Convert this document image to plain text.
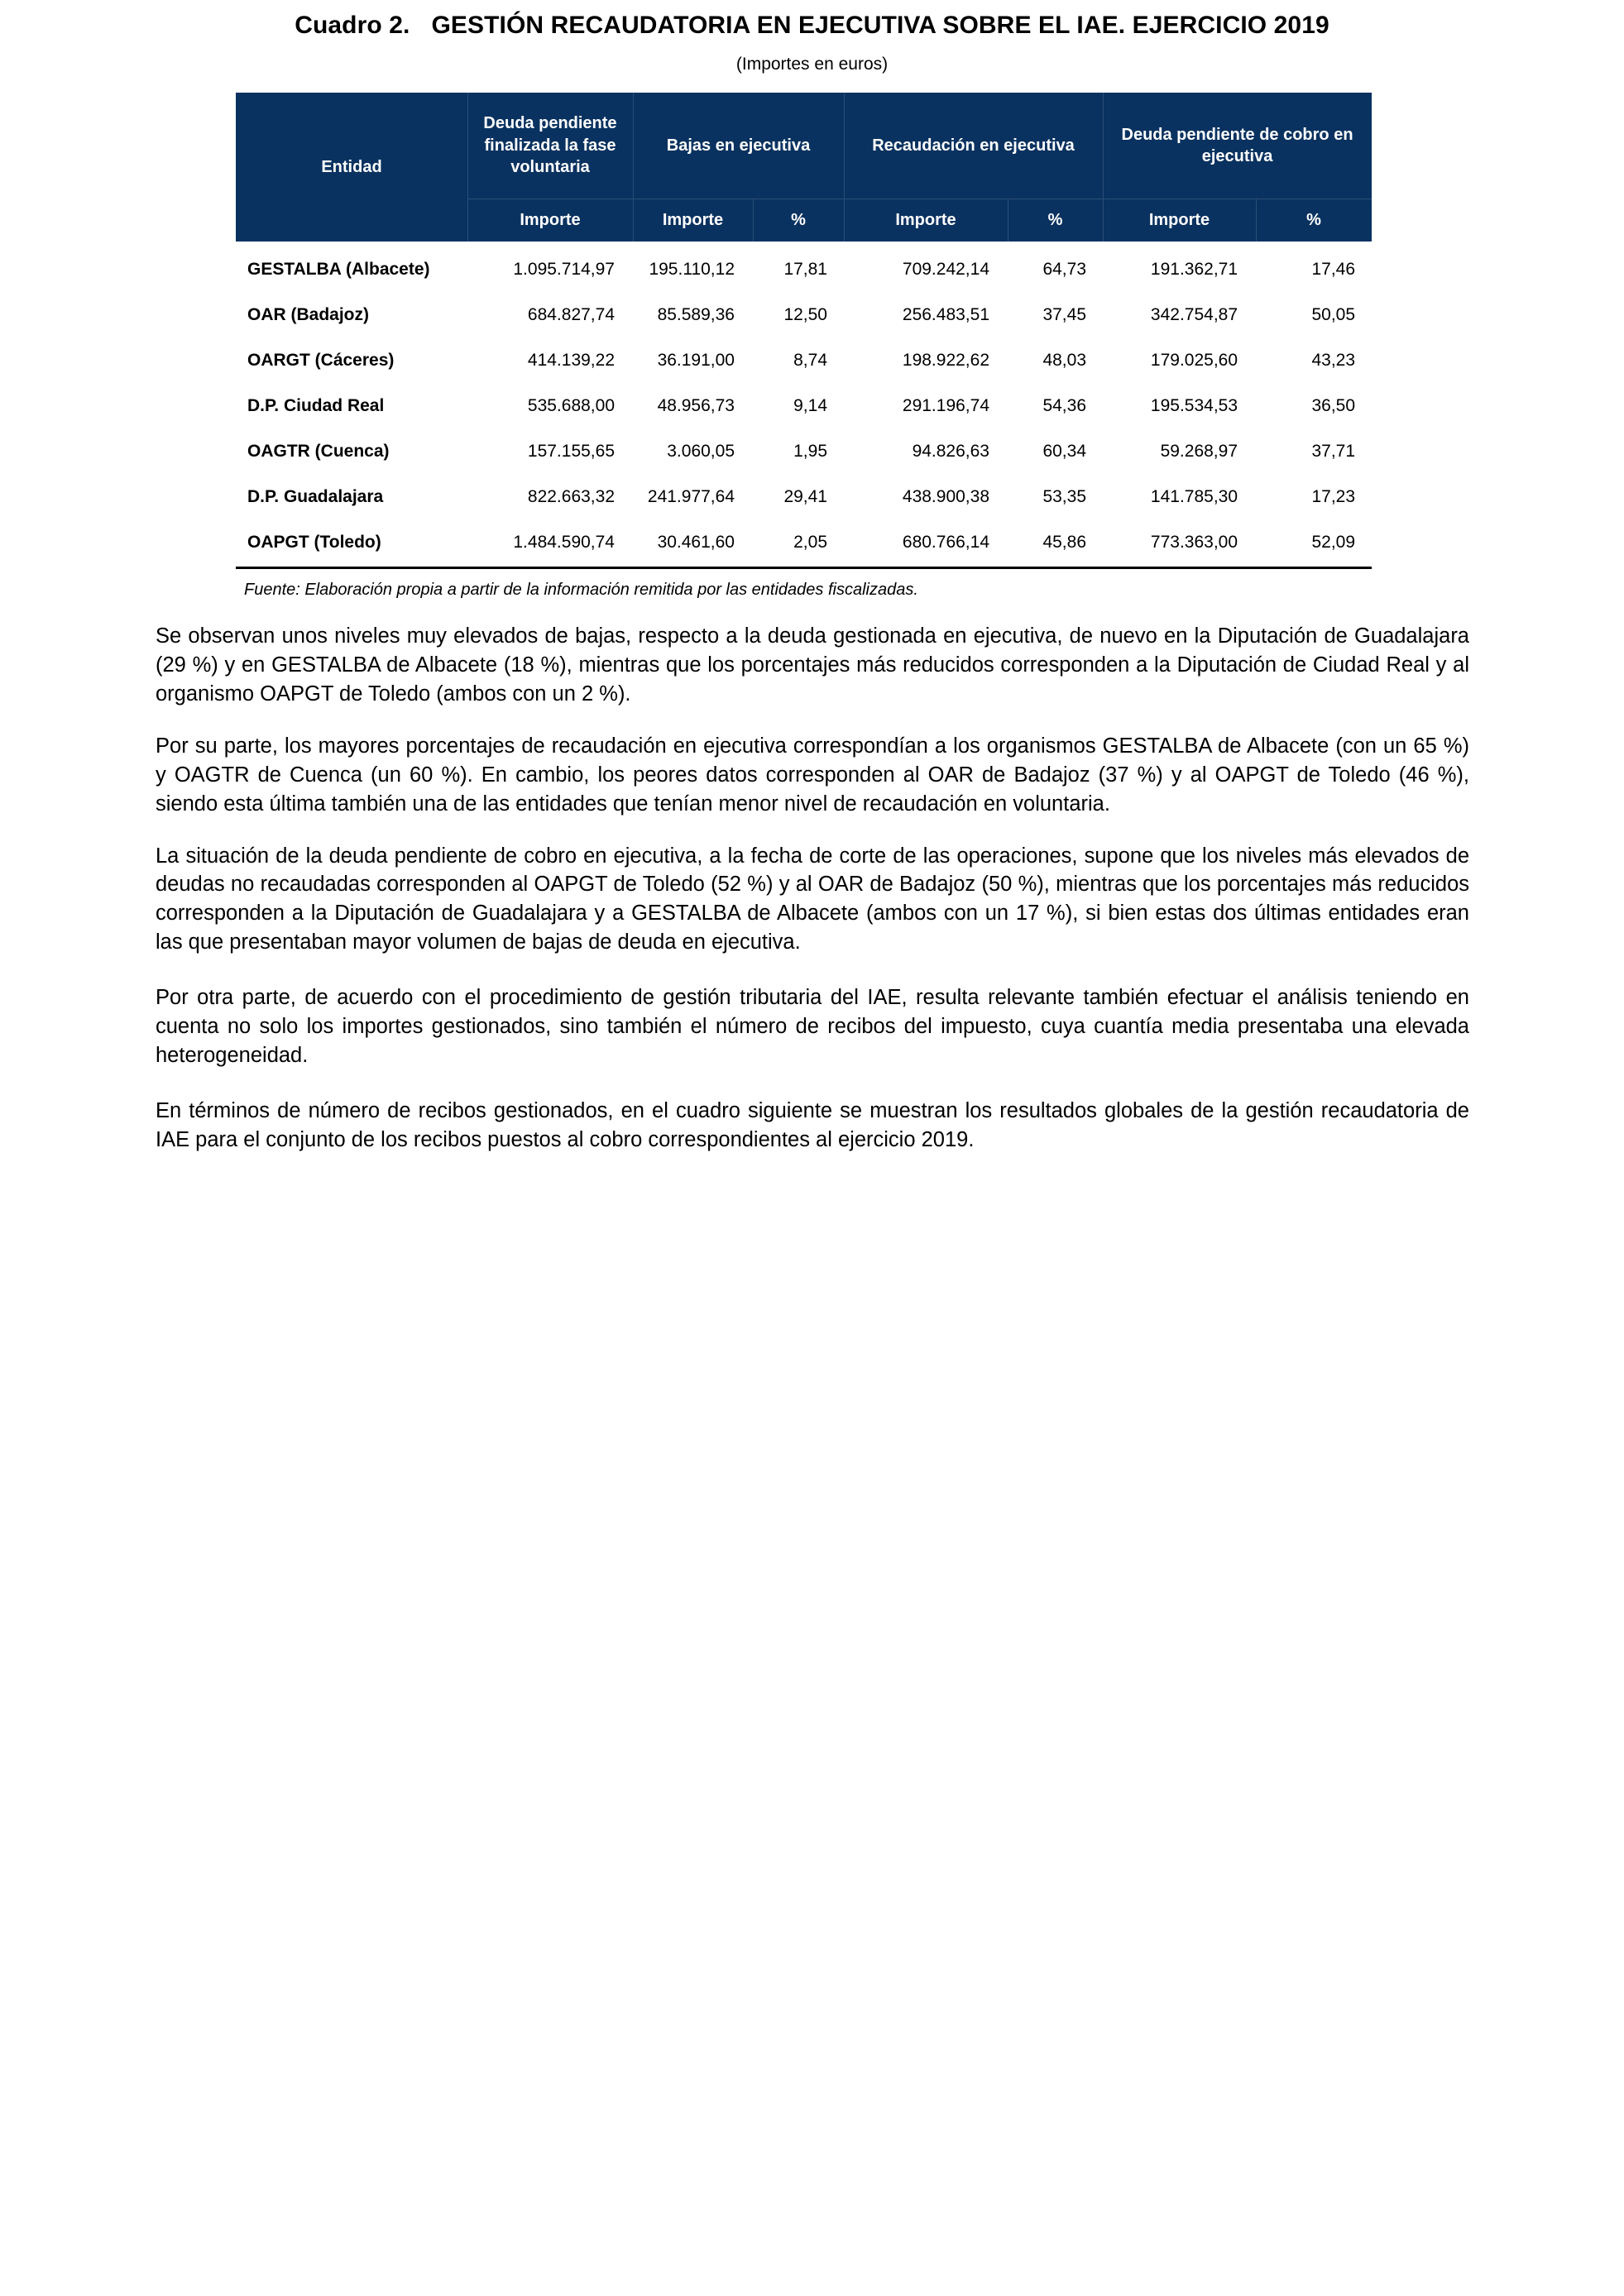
Cuadro 2. GESTIÓN RECAUDATORIA EN EJECUTIVA SOBRE EL IAE. EJERCICIO 2019
(Importes en euros)
Entidad	Deuda pendiente finalizada la fase voluntaria	Bajas en ejecutiva		Recaudación en ejecutiva		Deuda pendiente de cobro en ejecutiva	
	Importe	Importe	%	Importe	%	Importe	%
GESTALBA (Albacete)	1.095.714,97	195.110,12	17,81	709.242,14	64,73	191.362,71	17,46
OAR (Badajoz)	684.827,74	85.589,36	12,50	256.483,51	37,45	342.754,87	50,05
OARGT (Cáceres)	414.139,22	36.191,00	8,74	198.922,62	48,03	179.025,60	43,23
D.P. Ciudad Real	535.688,00	48.956,73	9,14	291.196,74	54,36	195.534,53	36,50
OAGTR (Cuenca)	157.155,65	3.060,05	1,95	94.826,63	60,34	59.268,97	37,71
D.P. Guadalajara	822.663,32	241.977,64	29,41	438.900,38	53,35	141.785,30	17,23
OAPGT (Toledo)	1.484.590,74	30.461,60	2,05	680.766,14	45,86	773.363,00	52,09
Fuente: Elaboración propia a partir de la información remitida por las entidades fiscalizadas.

Se observan unos niveles muy elevados de bajas, respecto a la deuda gestionada en ejecutiva, de nuevo en la Diputación de Guadalajara (29 %) y en GESTALBA de Albacete (18 %), mientras que los porcentajes más reducidos corresponden a la Diputación de Ciudad Real y al organismo OAPGT de Toledo (ambos con un 2 %).

Por su parte, los mayores porcentajes de recaudación en ejecutiva correspondían a los organismos GESTALBA de Albacete (con un 65 %) y OAGTR de Cuenca (un 60 %). En cambio, los peores datos corresponden al OAR de Badajoz (37 %) y al OAPGT de Toledo (46 %), siendo esta última también una de las entidades que tenían menor nivel de recaudación en voluntaria.

La situación de la deuda pendiente de cobro en ejecutiva, a la fecha de corte de las operaciones, supone que los niveles más elevados de deudas no recaudadas corresponden al OAPGT de Toledo (52 %) y al OAR de Badajoz (50 %), mientras que los porcentajes más reducidos corresponden a la Diputación de Guadalajara y a GESTALBA de Albacete (ambos con un 17 %), si bien estas dos últimas entidades eran las que presentaban mayor volumen de bajas de deuda en ejecutiva.

Por otra parte, de acuerdo con el procedimiento de gestión tributaria del IAE, resulta relevante también efectuar el análisis teniendo en cuenta no solo los importes gestionados, sino también el número de recibos del impuesto, cuya cuantía media presentaba una elevada heterogeneidad.

En términos de número de recibos gestionados, en el cuadro siguiente se muestran los resultados globales de la gestión recaudatoria de IAE para el conjunto de los recibos puestos al cobro correspondientes al ejercicio 2019.
